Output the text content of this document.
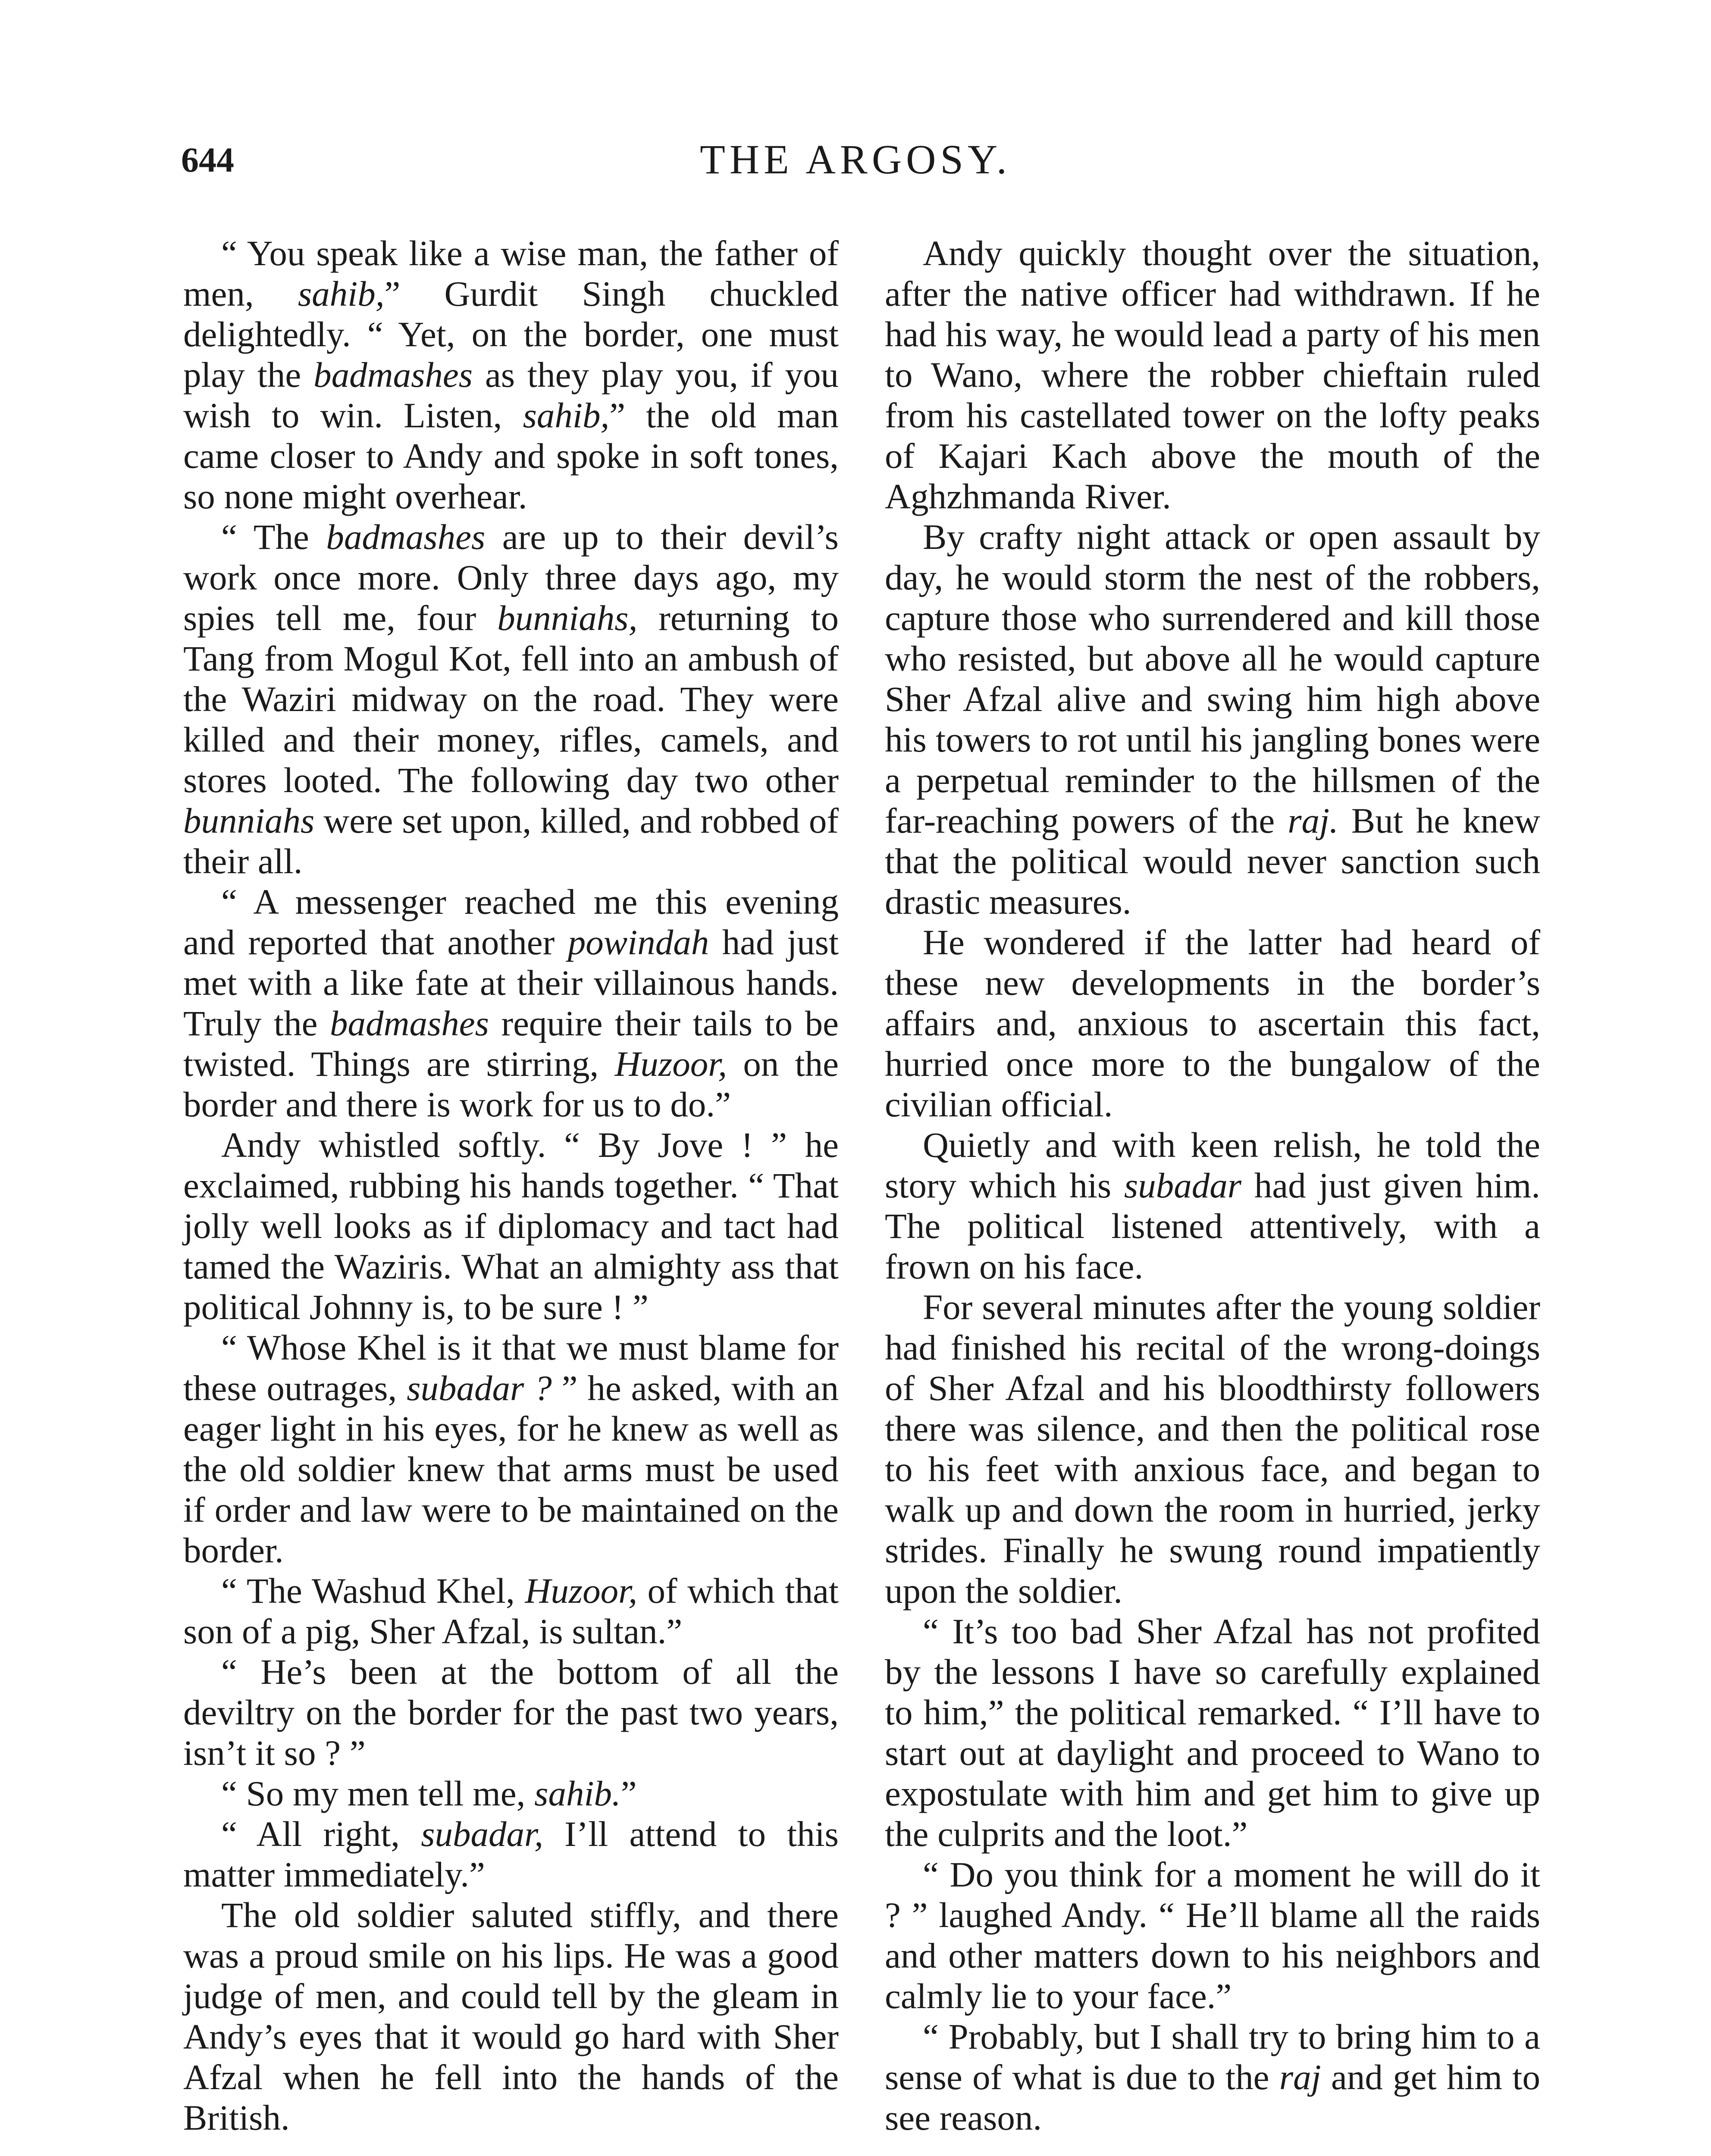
644	THE ARGOSY.

“ You speak like a wise man, the father of men, sahib,” Gurdit Singh chuckled delightedly. “ Yet, on the border, one must play the badmashes as they play you, if you wish to win. Listen, sahib,” the old man came closer to Andy and spoke in soft tones, so none might overhear.

“ The badmashes are up to their devil’s work once more. Only three days ago, my spies tell me, four bunniahs, returning to Tang from Mogul Kot, fell into an ambush of the Waziri midway on the road. They were killed and their money, rifles, camels, and stores looted. The following day two other bunniahs were set upon, killed, and robbed of their all.

“ A messenger reached me this evening and reported that another powindah had just met with a like fate at their villainous hands. Truly the badmashes require their tails to be twisted. Things are stirring, Huzoor, on the border and there is work for us to do.”

Andy whistled softly. “ By Jove ! ” he exclaimed, rubbing his hands together. “ That jolly well looks as if diplomacy and tact had tamed the Waziris. What an almighty ass that political Johnny is, to be sure ! ”

“ Whose Khel is it that we must blame for these outrages, subadar ? ” he asked, with an eager light in his eyes, for he knew as well as the old soldier knew that arms must be used if order and law were to be maintained on the border.

“ The Washud Khel, Huzoor, of which that son of a pig, Sher Afzal, is sultan.”

“ He’s been at the bottom of all the deviltry on the border for the past two years, isn’t it so ? ”

“ So my men tell me, sahib.”

“ All right, subadar, I’ll attend to this matter immediately.”

The old soldier saluted stiffly, and there was a proud smile on his lips. He was a good judge of men, and could tell by the gleam in Andy’s eyes that it would go hard with Sher Afzal when he fell into the hands of the British.

Andy quickly thought over the situation, after the native officer had withdrawn. If he had his way, he would lead a party of his men to Wano, where the robber chieftain ruled from his castellated tower on the lofty peaks of Kajari Kach above the mouth of the Aghzhmanda River.

By crafty night attack or open assault by day, he would storm the nest of the robbers, capture those who surrendered and kill those who resisted, but above all he would capture Sher Afzal alive and swing him high above his towers to rot until his jangling bones were a perpetual reminder to the hillsmen of the far-reaching powers of the raj. But he knew that the political would never sanction such drastic measures.

He wondered if the latter had heard of these new developments in the border’s affairs and, anxious to ascertain this fact, hurried once more to the bungalow of the civilian official.

Quietly and with keen relish, he told the story which his subadar had just given him. The political listened attentively, with a frown on his face.

For several minutes after the young soldier had finished his recital of the wrong-doings of Sher Afzal and his bloodthirsty followers there was silence, and then the political rose to his feet with anxious face, and began to walk up and down the room in hurried, jerky strides. Finally he swung round impatiently upon the soldier.

“ It’s too bad Sher Afzal has not profited by the lessons I have so carefully explained to him,” the political remarked. “ I’ll have to start out at daylight and proceed to Wano to expostulate with him and get him to give up the culprits and the loot.”

“ Do you think for a moment he will do it ? ” laughed Andy. “ He’ll blame all the raids and other matters down to his neighbors and calmly lie to your face.”

“ Probably, but I shall try to bring him to a sense of what is due to the raj and get him to see reason.
